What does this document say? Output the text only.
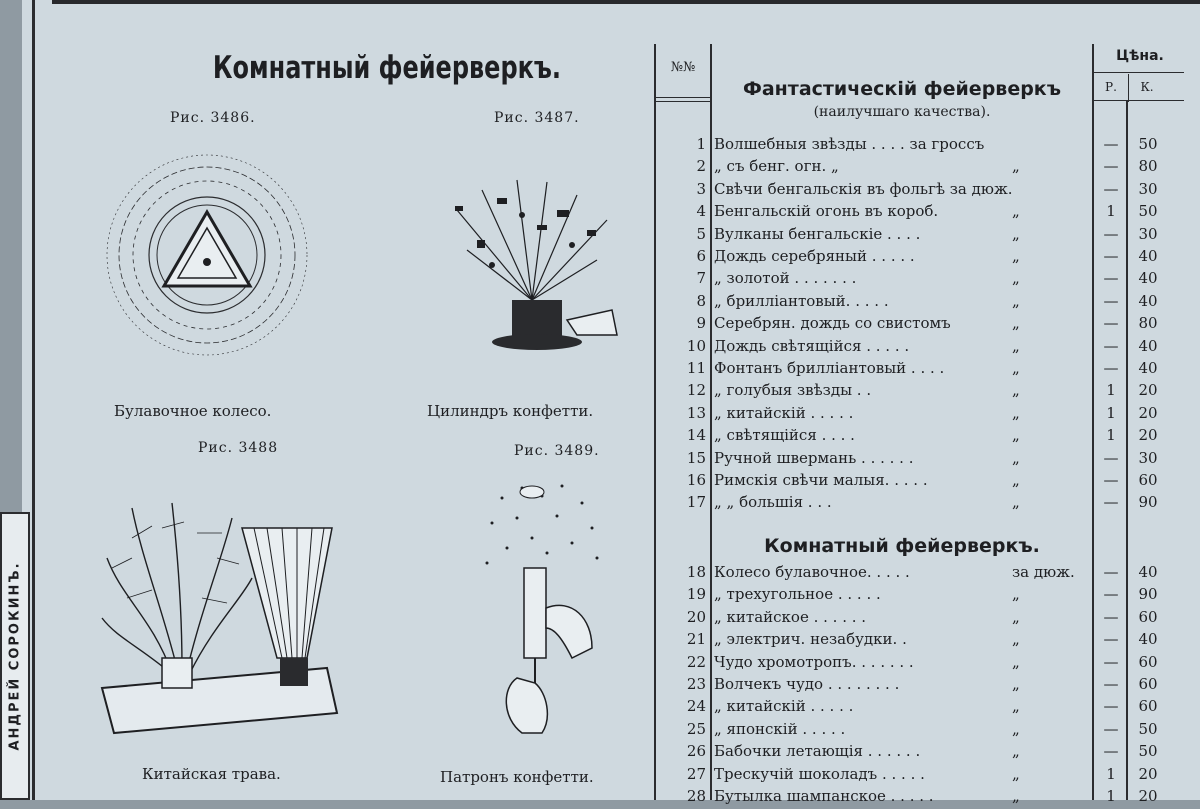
АНДРЕЙ СОРОКИНЪ.
Комнатный фейерверкъ.
Рис. 3486.	Рис. 3487.
Булавочное колесо.	Цилиндръ конфетти.
Рис. 3488	Рис. 3489.
Китайская трава.	Патронъ конфетти.
№№
Цѣна.
Р.	К.
Фантастическій фейерверкъ
(наилучшаго качества).
Комнатный фейерверкъ.
1 Волшебныя звѣзды . . . . за гроссъ	—	50
2 „ съ бенг. огн. „	„	—	80
3 Свѣчи бенгальскія въ фольгѣ за дюж.	—	30
4 Бенгальскій огонь въ короб.	„	1	50
5 Вулканы бенгальскіе . . . .	„	—	30
6 Дождь серебряный . . . . .	„	—	40
7 „ золотой . . . . . . .	„	—	40
8 „ бриллiантовый. . . . .	„	—	40
9 Серебрян. дождь со свистомъ	„	—	80
10 Дождь свѣтящійся . . . . .	„	—	40
11 Фонтанъ бриллiантовый . . . .	„	—	40
12 „ голубыя звѣзды . .	„	1	20
13 „ китайскій . . . . .	„	1	20
14 „ свѣтящійся . . . .	„	1	20
15 Ручной швермань . . . . . .	„	—	30
16 Римскія свѣчи малыя. . . . .	„	—	60
17 „ „ большія . . .	„	—	90
18 Колесо булавочное. . . . .	за дюж.	—	40
19 „ трехугольное . . . . .	„	—	90
20 „ китайское . . . . . .	„	—	60
21 „ электрич. незабудки. .	„	—	40
22 Чудо хромотропъ. . . . . . .	„	—	60
23 Волчекъ чудо . . . . . . . .	„	—	60
24 „ китайскій . . . . .	„	—	60
25 „ японскій . . . . .	„	—	50
26 Бабочки летающія . . . . . .	„	—	50
27 Трескучій шоколадъ . . . . .	„	1	20
28 Бутылка шампанское . . . . .	„	1	20
